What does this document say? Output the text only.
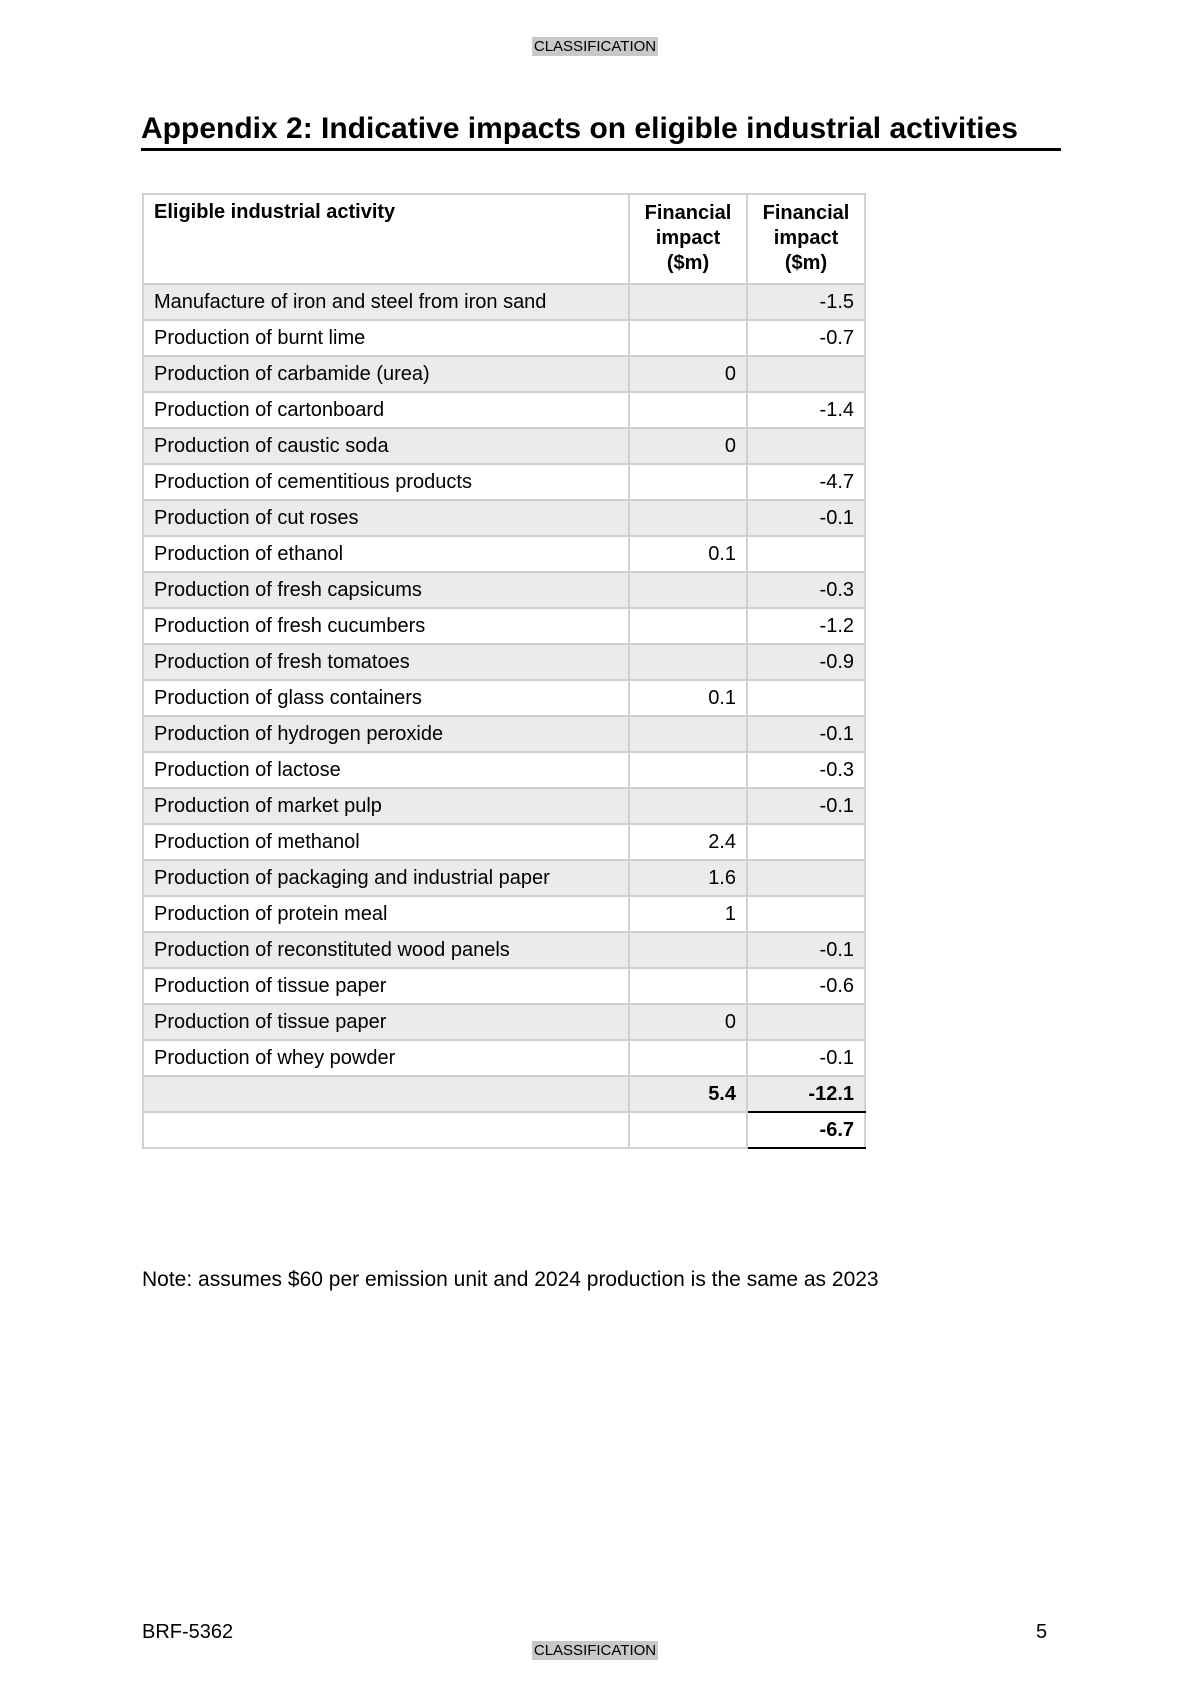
CLASSIFICATION
Appendix 2: Indicative impacts on eligible industrial activities
Eligible industrial activity	Financial impact ($m)	Financial impact ($m)
Manufacture of iron and steel from iron sand		-1.5
Production of burnt lime		-0.7
Production of carbamide (urea)	0	
Production of cartonboard		-1.4
Production of caustic soda	0	
Production of cementitious products		-4.7
Production of cut roses		-0.1
Production of ethanol	0.1	
Production of fresh capsicums		-0.3
Production of fresh cucumbers		-1.2
Production of fresh tomatoes		-0.9
Production of glass containers	0.1	
Production of hydrogen peroxide		-0.1
Production of lactose		-0.3
Production of market pulp		-0.1
Production of methanol	2.4	
Production of packaging and industrial paper	1.6	
Production of protein meal	1	
Production of reconstituted wood panels		-0.1
Production of tissue paper		-0.6
Production of tissue paper	0	
Production of whey powder		-0.1
	5.4	-12.1
		-6.7
Note: assumes $60 per emission unit and 2024 production is the same as 2023
BRF-5362	5
CLASSIFICATION
